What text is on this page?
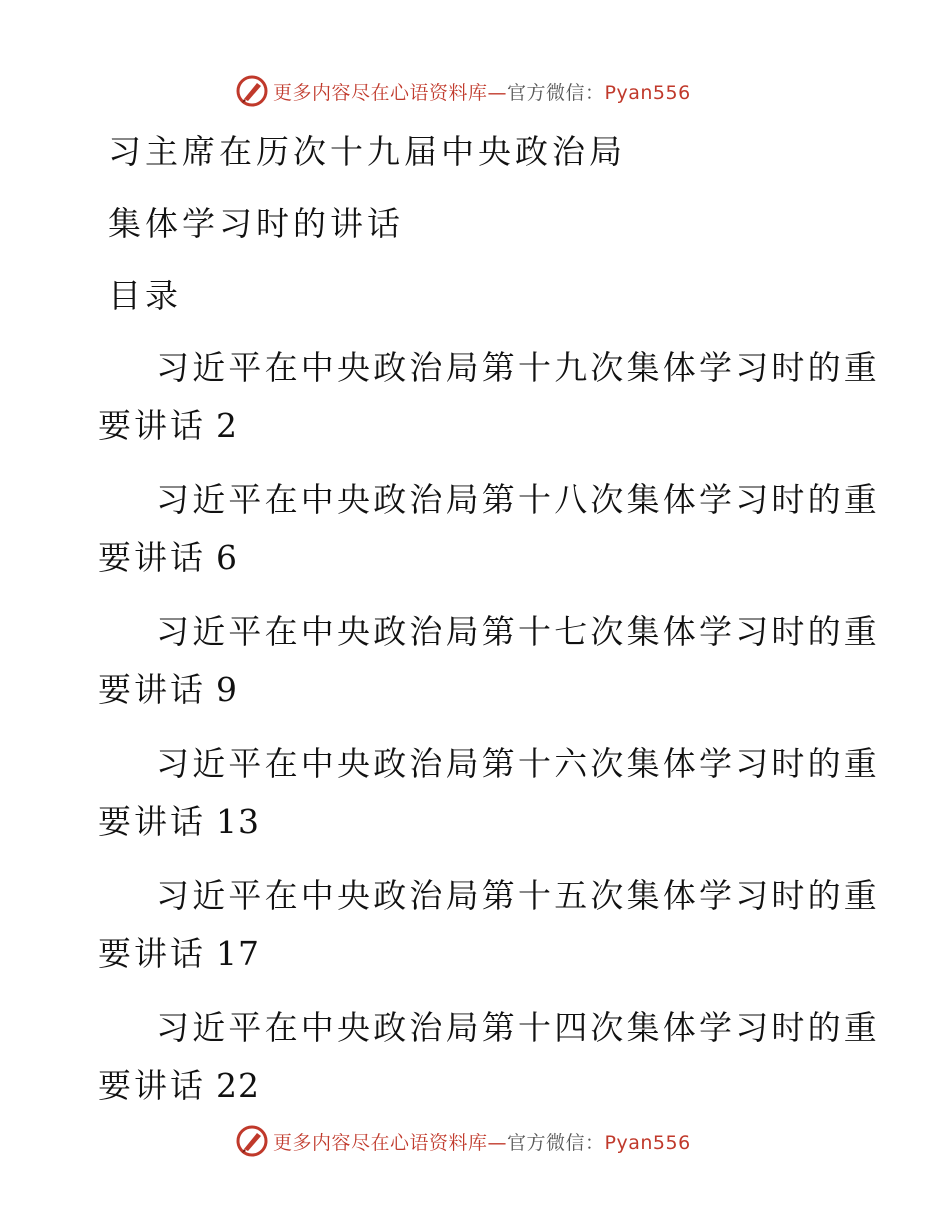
更多内容尽在心语资料库—官方微信：Pyan556
习主席在历次十九届中央政治局
集体学习时的讲话
目录
习近平在中央政治局第十九次集体学习时的重
要讲话 2
习近平在中央政治局第十八次集体学习时的重
要讲话 6
习近平在中央政治局第十七次集体学习时的重
要讲话 9
习近平在中央政治局第十六次集体学习时的重
要讲话 13
习近平在中央政治局第十五次集体学习时的重
要讲话 17
习近平在中央政治局第十四次集体学习时的重
要讲话 22
更多内容尽在心语资料库—官方微信：Pyan556
